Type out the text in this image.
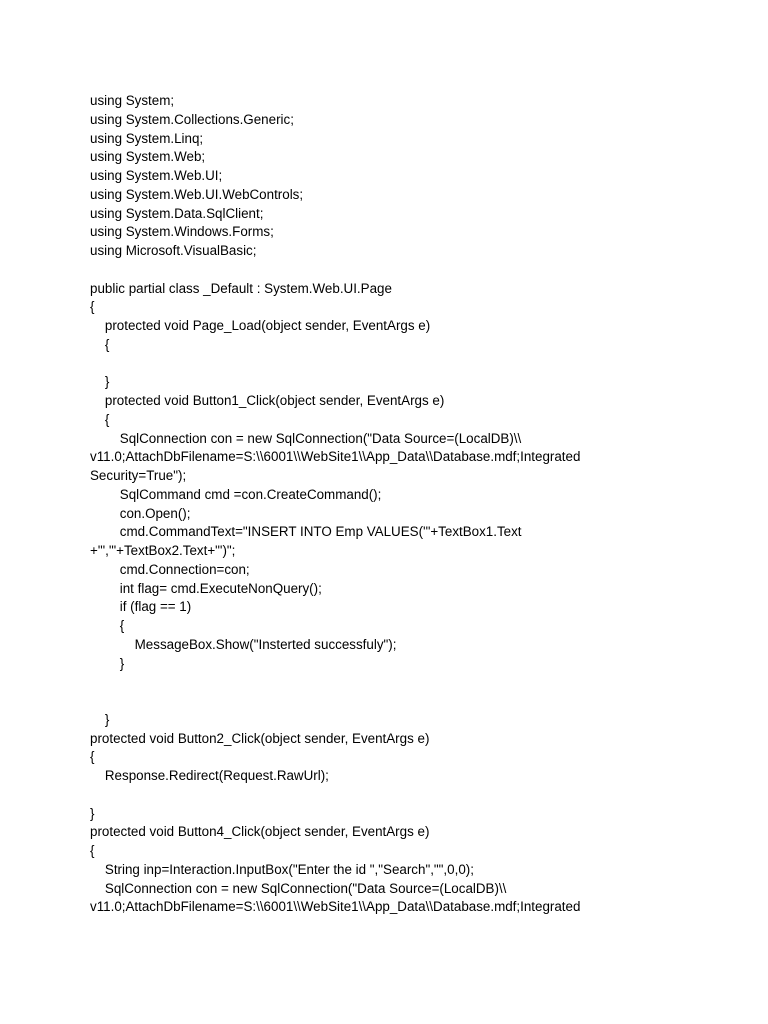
using System;
using System.Collections.Generic;
using System.Linq;
using System.Web;
using System.Web.UI;
using System.Web.UI.WebControls;
using System.Data.SqlClient;
using System.Windows.Forms;
using Microsoft.VisualBasic;
public partial class _Default : System.Web.UI.Page
{
protected void Page_Load(object sender, EventArgs e)
{
}
protected void Button1_Click(object sender, EventArgs e)
{
SqlConnection con = new SqlConnection("Data Source=(LocalDB)\\
v11.0;AttachDbFilename=S:\\6001\\WebSite1\\App_Data\\Database.mdf;Integrated
Security=True");
SqlCommand cmd =con.CreateCommand();
con.Open();
cmd.CommandText="INSERT INTO Emp VALUES('"+TextBox1.Text
+"','"+TextBox2.Text+"')";
cmd.Connection=con;
int flag= cmd.ExecuteNonQuery();
if (flag == 1)
{
MessageBox.Show("Insterted successfuly");
}
}
protected void Button2_Click(object sender, EventArgs e)
{
Response.Redirect(Request.RawUrl);
}
protected void Button4_Click(object sender, EventArgs e)
{
String inp=Interaction.InputBox("Enter the id ","Search","",0,0);
SqlConnection con = new SqlConnection("Data Source=(LocalDB)\\
v11.0;AttachDbFilename=S:\\6001\\WebSite1\\App_Data\\Database.mdf;Integrated
